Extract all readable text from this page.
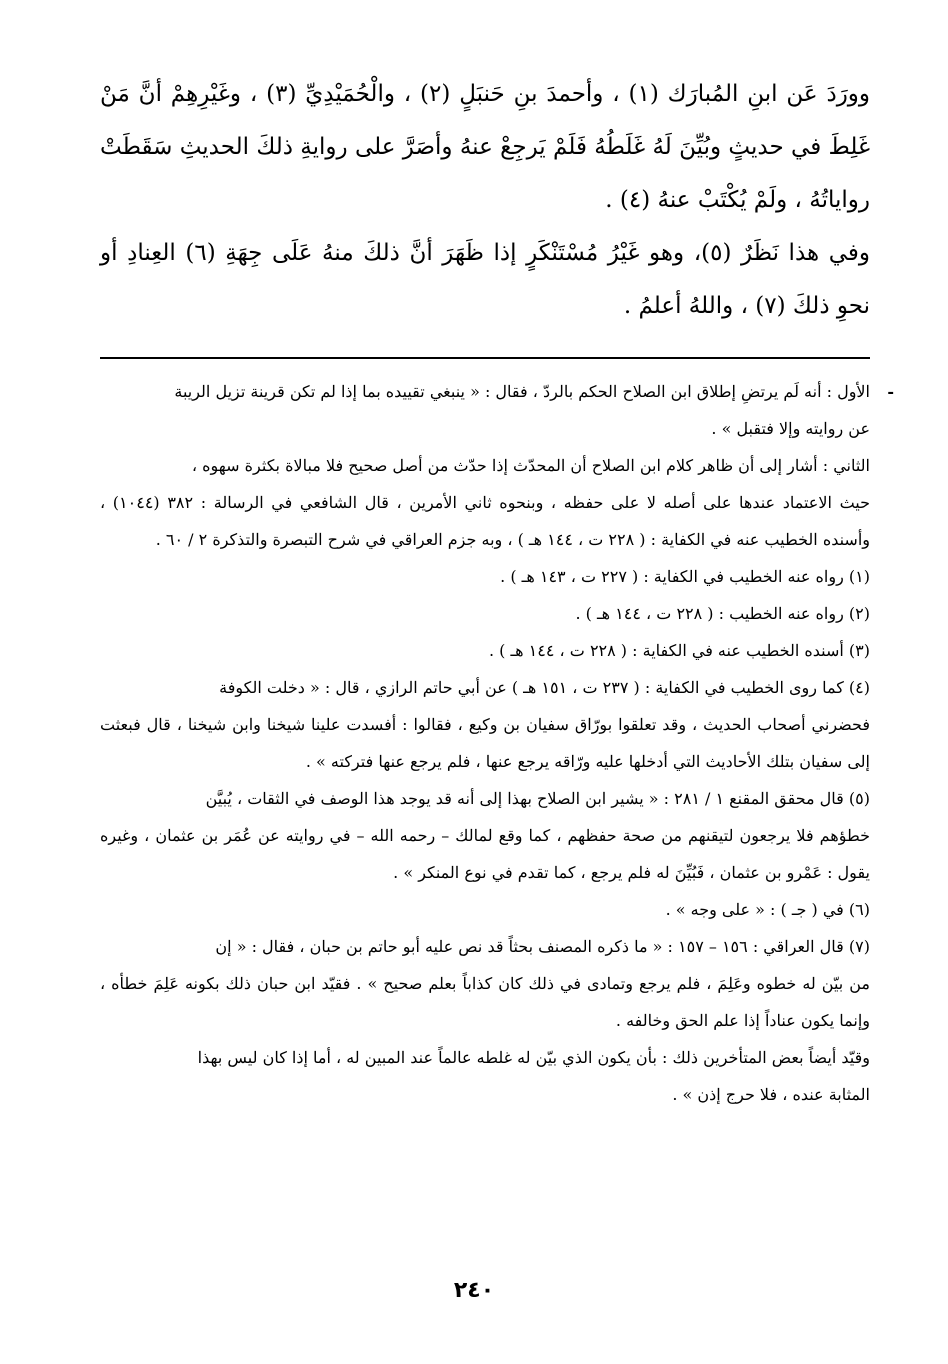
وورَدَ عَن ابنِ المُبارَك (١) ، وأحمدَ بنِ حَنبَلٍ (٢) ، والْحُمَيْدِيِّ (٣) ، وغَيْرِهِمْ أنَّ مَنْ غَلِطَ في حديثٍ وبُيِّنَ لَهُ غَلَطُهُ فَلَمْ يَرجِعْ عنهُ وأصَرَّ على روايةِ ذلكَ الحديثِ سَقَطَتْ رواياتُهُ ، ولَمْ يُكْتَبْ عنهُ (٤) .

وفي هذا نَظَرٌ (٥)، وهو غَيْرُ مُسْتَنْكَرٍ إذا ظَهَرَ أنَّ ذلكَ منهُ عَلَى جِهَةِ (٦) العِنادِ أو نحوِ ذلكَ (٧) ، واللهُ أعلمُ .

-

الأول : أنه لَم يرتضِ إطلاق ابن الصلاح الحكم بالردّ ، فقال : « ينبغي تقييده بما إذا لم تكن قرينة تزيل الريبة

عن روايته وإلا فتقبل » .

الثاني : أشار إلى أن ظاهر كلام ابن الصلاح أن المحدّث إذا حدّث من أصل صحيح فلا مبالاة بكثرة سهوه ،

حيث الاعتماد عندها على أصله لا على حفظه ، وبنحوه ثاني الأمرين ، قال الشافعي في الرسالة : ٣٨٢ (١٠٤٤) ، وأسنده الخطيب عنه في الكفاية : ( ٢٢٨ ت ، ١٤٤ هـ ) ، وبه جزم العراقي في شرح التبصرة والتذكرة ٢ / ٦٠ .

(١) رواه عنه الخطيب في الكفاية : ( ٢٢٧ ت ، ١٤٣ هـ ) .

(٢) رواه عنه الخطيب : ( ٢٢٨ ت ، ١٤٤ هـ ) .

(٣) أسنده الخطيب عنه في الكفاية : ( ٢٢٨ ت ، ١٤٤ هـ ) .

(٤) كما روى الخطيب في الكفاية : ( ٢٣٧ ت ، ١٥١ هـ ) عن أبي حاتم الرازي ، قال : « دخلت الكوفة

فحضرني أصحاب الحديث ، وقد تعلقوا بورّاق سفيان بن وكيع ، فقالوا : أفسدت علينا شيخنا وابن شيخنا ، قال فبعثت إلى سفيان بتلك الأحاديث التي أدخلها عليه ورّاقه يرجع عنها ، فلم يرجع عنها فتركته » .

(٥) قال محقق المقنع ١ / ٢٨١ : « يشير ابن الصلاح بهذا إلى أنه قد يوجد هذا الوصف في الثقات ، يُبيَّن

خطؤهم فلا يرجعون لتيقنهم من صحة حفظهم ، كما وقع لمالك – رحمه الله – في روايته عن عُمَر بن عثمان ، وغيره يقول : عَمْرو بن عثمان ، فَبُيِّنَ له فلم يرجع ، كما تقدم في نوع المنكر » .

(٦) في ( جـ ) : « على وجه » .

(٧) قال العراقي : ١٥٦ – ١٥٧ : « ما ذكره المصنف بحثاً قد نص عليه أبو حاتم بن حبان ، فقال : « إن

من بيّن له خطوه وعَلِمَ ، فلم يرجع وتمادى في ذلك كان كذاباً بعلم صحيح » . فقيّد ابن حبان ذلك بكونه عَلِمَ خطأه ، وإنما يكون عناداً إذا علم الحق وخالفه .

وقيّد أيضاً بعض المتأخرين ذلك : بأن يكون الذي بيّن له غلطه عالماً عند المبين له ، أما إذا كان ليس بهذا

المثابة عنده ، فلا حرج إذن » .

٢٤٠
